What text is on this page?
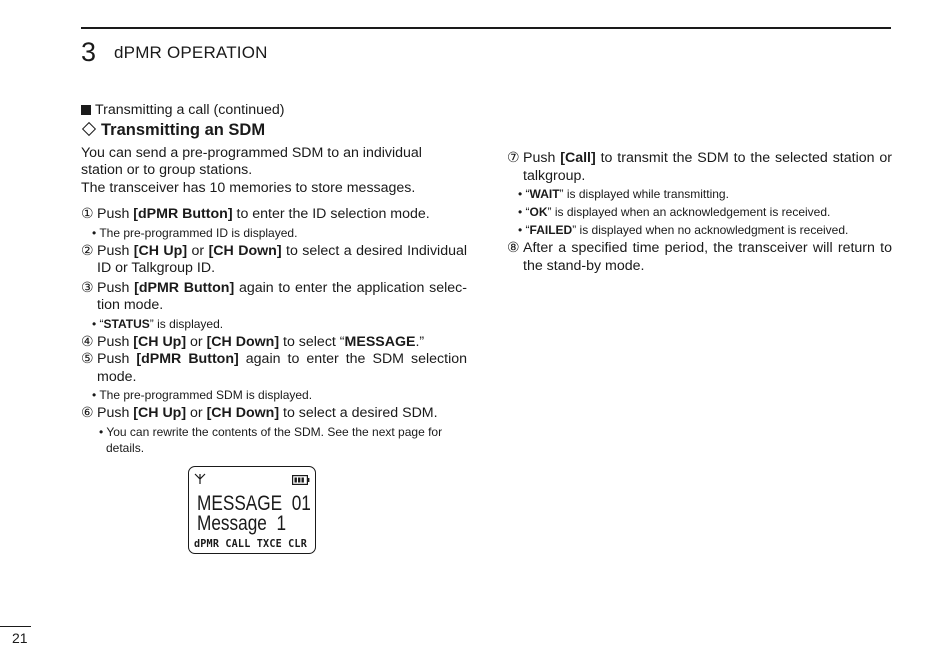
3 dPMR OPERATION

Transmitting a call (continued)

Transmitting an SDM

You can send a pre-programmed SDM to an individual station or to group stations.

The transceiver has 10 memories to store messages.

① Push [dPMR Button] to enter the ID selection mode.

• The pre-programmed ID is displayed.

② Push [CH Up] or [CH Down] to select a desired Individual ID or Talkgroup ID.
③ Push [dPMR Button] again to enter the application selec-tion mode.

• “STATUS” is displayed.

④ Push [CH Up] or [CH Down] to select “MESSAGE.”
⑤ Push [dPMR Button] again to enter the SDM selection mode.

• The pre-programmed SDM is displayed.

⑥ Push [CH Up] or [CH Down] to select a desired SDM.

• You can rewrite the contents of the SDM. See the next page for details.

MESSAGE  01
Message  1
dPMR CALL TXCE CLR
⑦ Push [Call] to transmit the SDM to the selected station or talkgroup.

• “WAIT” is displayed while transmitting.

• “OK” is displayed when an acknowledgement is received.

• “FAILED” is displayed when no acknowledgment is received.

⑧ After a specified time period, the transceiver will return to the stand-by mode.
21
